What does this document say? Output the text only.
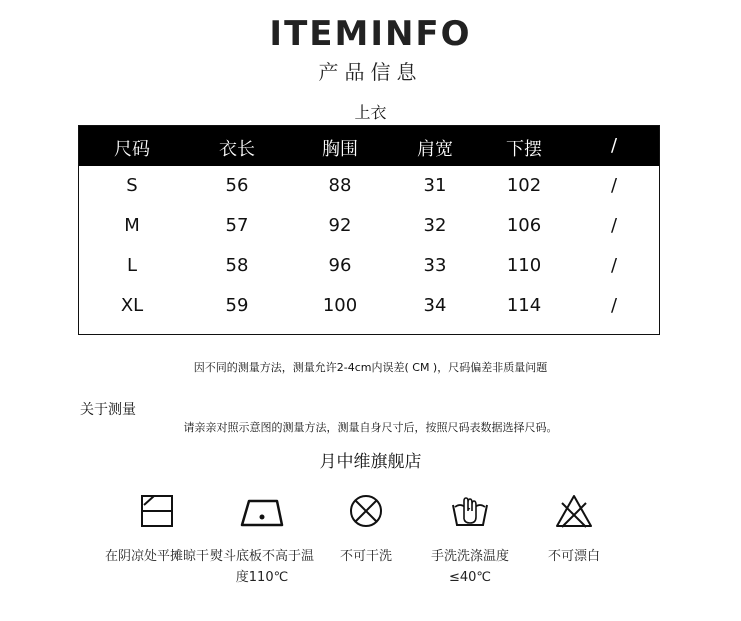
ITEMINFO
产品信息
上衣
尺码	衣长	胸围	肩宽	下摆	/
S	56	88	31	102	/
M	57	92	32	106	/
L	58	96	33	110	/
XL	59	100	34	114	/
因不同的测量方法，测量允许2-4cm内误差( CM )，尺码偏差非质量问题
关于测量
请亲亲对照示意图的测量方法，测量自身尺寸后，按照尺码表数据选择尺码。
月中维旗舰店
在阴凉处平摊晾干 熨斗底板不高于温度110℃
不可干洗	手洗洗涤温度≤40℃
不可漂白
